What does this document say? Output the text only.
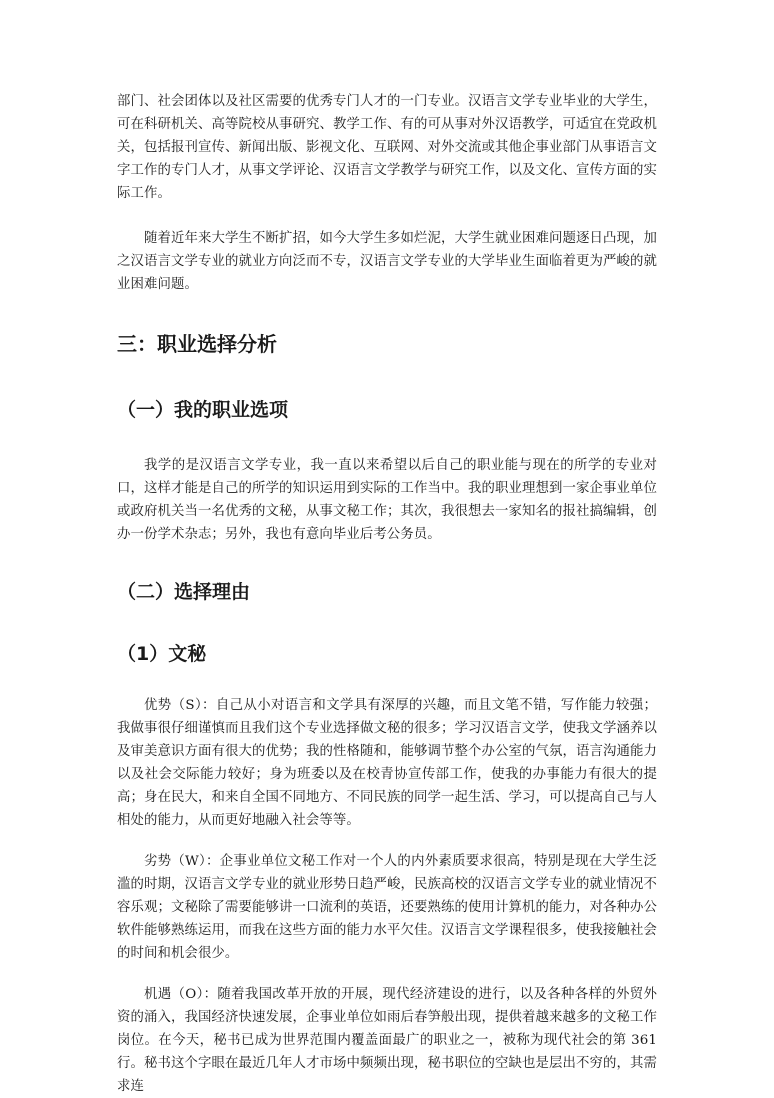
部门、社会团体以及社区需要的优秀专门人才的一门专业。汉语言文学专业毕业的大学生，可在科研机关、高等院校从事研究、教学工作、有的可从事对外汉语教学，可适宜在党政机关，包括报刊宣传、新闻出版、影视文化、互联网、对外交流或其他企事业部门从事语言文字工作的专门人才，从事文学评论、汉语言文学教学与研究工作，以及文化、宣传方面的实际工作。

随着近年来大学生不断扩招，如今大学生多如烂泥，大学生就业困难问题逐日凸现，加之汉语言文学专业的就业方向泛而不专，汉语言文学专业的大学毕业生面临着更为严峻的就业困难问题。

三：职业选择分析
（一）我的职业选项

我学的是汉语言文学专业，我一直以来希望以后自己的职业能与现在的所学的专业对口，这样才能是自己的所学的知识运用到实际的工作当中。我的职业理想到一家企事业单位或政府机关当一名优秀的文秘，从事文秘工作；其次，我很想去一家知名的报社搞编辑，创办一份学术杂志；另外，我也有意向毕业后考公务员。

（二）选择理由
（1）文秘

优势（S）：自己从小对语言和文学具有深厚的兴趣，而且文笔不错，写作能力较强；我做事很仔细谨慎而且我们这个专业选择做文秘的很多；学习汉语言文学，使我文学涵养以及审美意识方面有很大的优势；我的性格随和，能够调节整个办公室的气氛，语言沟通能力以及社会交际能力较好；身为班委以及在校青协宣传部工作，使我的办事能力有很大的提高；身在民大，和来自全国不同地方、不同民族的同学一起生活、学习，可以提高自己与人相处的能力，从而更好地融入社会等等。

劣势（W）：企事业单位文秘工作对一个人的内外素质要求很高，特别是现在大学生泛滥的时期，汉语言文学专业的就业形势日趋严峻，民族高校的汉语言文学专业的就业情况不容乐观；文秘除了需要能够讲一口流利的英语，还要熟练的使用计算机的能力，对各种办公软件能够熟练运用，而我在这些方面的能力水平欠佳。汉语言文学课程很多，使我接触社会的时间和机会很少。

机遇（O）：随着我国改革开放的开展，现代经济建设的进行，以及各种各样的外贸外资的涌入，我国经济快速发展，企事业单位如雨后春笋般出现，提供着越来越多的文秘工作岗位。在今天，秘书已成为世界范围内覆盖面最广的职业之一，被称为现代社会的第 361 行。秘书这个字眼在最近几年人才市场中频频出现，秘书职位的空缺也是层出不穷的，其需求连
